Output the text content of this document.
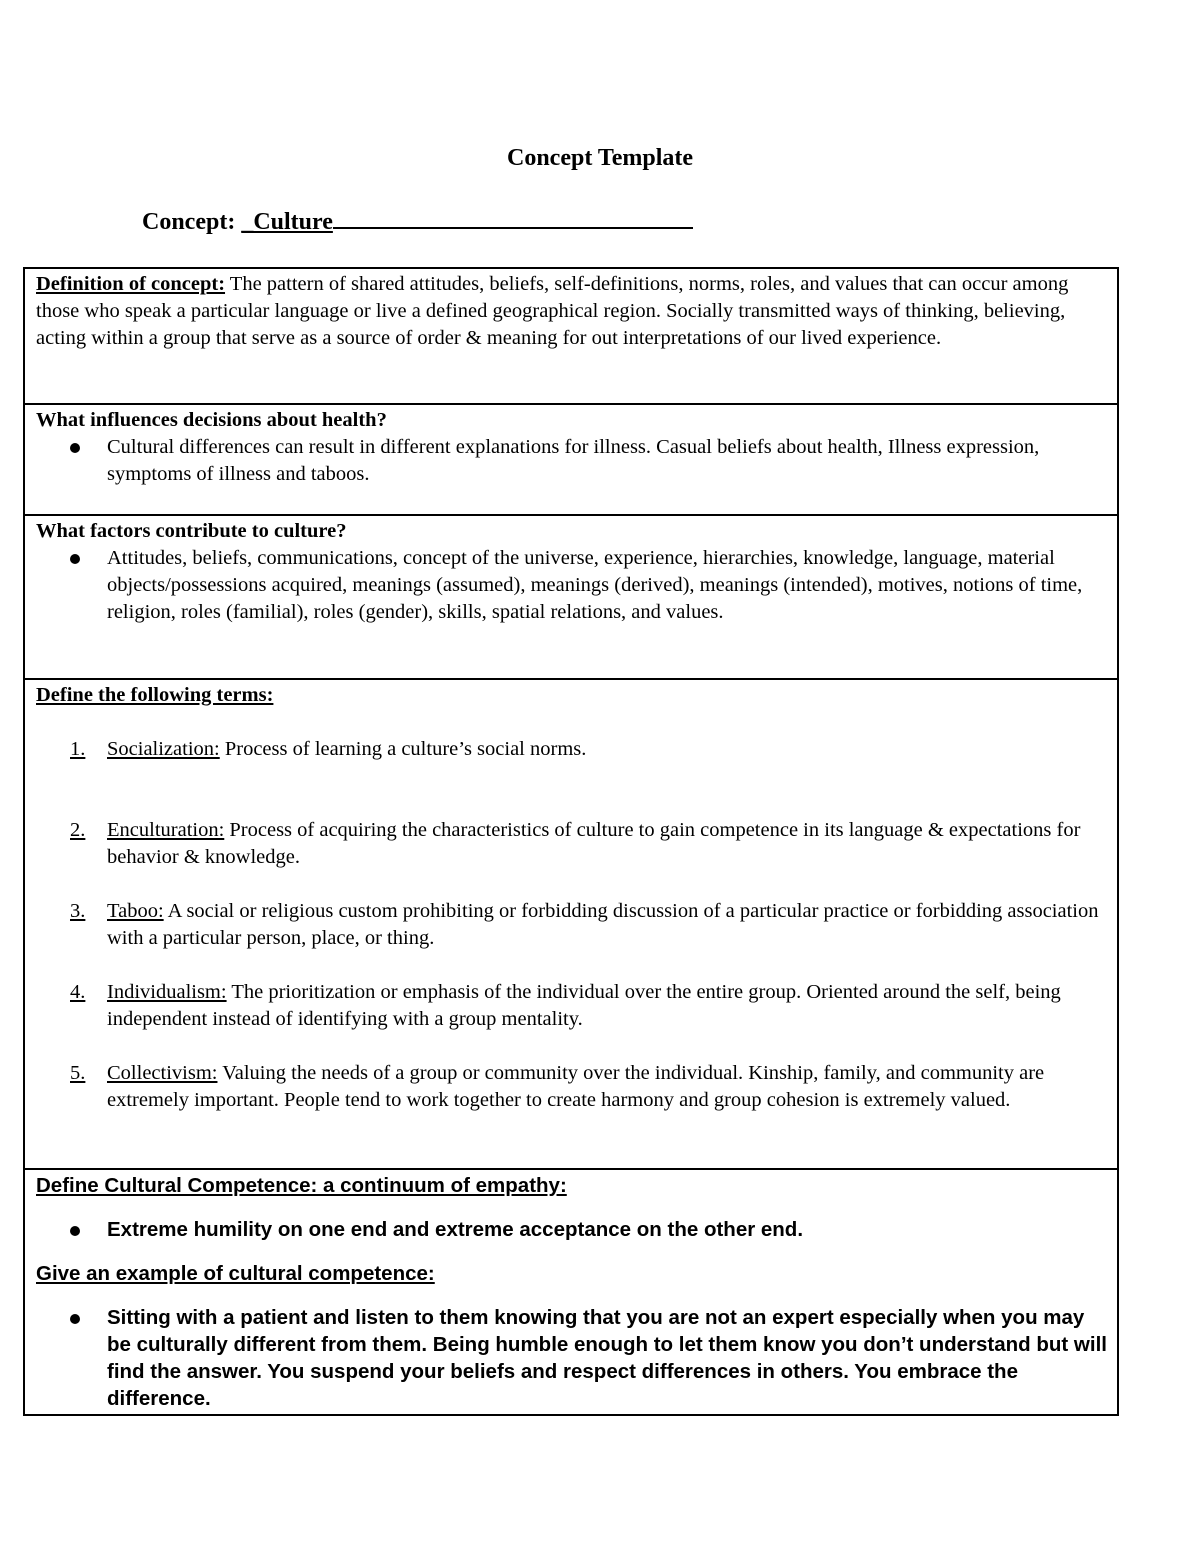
Concept Template
Concept: _Culture
Definition of concept: The pattern of shared attitudes, beliefs, self-definitions, norms, roles, and values that can occur among those who speak a particular language or live a defined geographical region. Socially transmitted ways of thinking, believing, acting within a group that serve as a source of order & meaning for out interpretations of our lived experience.

What influences decisions about health?
Cultural differences can result in different explanations for illness. Casual beliefs about health, Illness expression, symptoms of illness and taboos.

What factors contribute to culture?
Attitudes, beliefs, communications, concept of the universe, experience, hierarchies, knowledge, language, material objects/possessions acquired, meanings (assumed), meanings (derived), meanings (intended), motives, notions of time, religion, roles (familial), roles (gender), skills, spatial relations, and values.

Define the following terms:
1. Socialization: Process of learning a culture’s social norms.
2. Enculturation: Process of acquiring the characteristics of culture to gain competence in its language & expectations for behavior & knowledge.
3. Taboo: A social or religious custom prohibiting or forbidding discussion of a particular practice or forbidding association with a particular person, place, or thing.
4. Individualism: The prioritization or emphasis of the individual over the entire group. Oriented around the self, being independent instead of identifying with a group mentality.
5. Collectivism: Valuing the needs of a group or community over the individual. Kinship, family, and community are extremely important. People tend to work together to create harmony and group cohesion is extremely valued.

Define Cultural Competence: a continuum of empathy:
Extreme humility on one end and extreme acceptance on the other end.
Give an example of cultural competence:
Sitting with a patient and listen to them knowing that you are not an expert especially when you may be culturally different from them. Being humble enough to let them know you don’t understand but will find the answer. You suspend your beliefs and respect differences in others. You embrace the difference.
